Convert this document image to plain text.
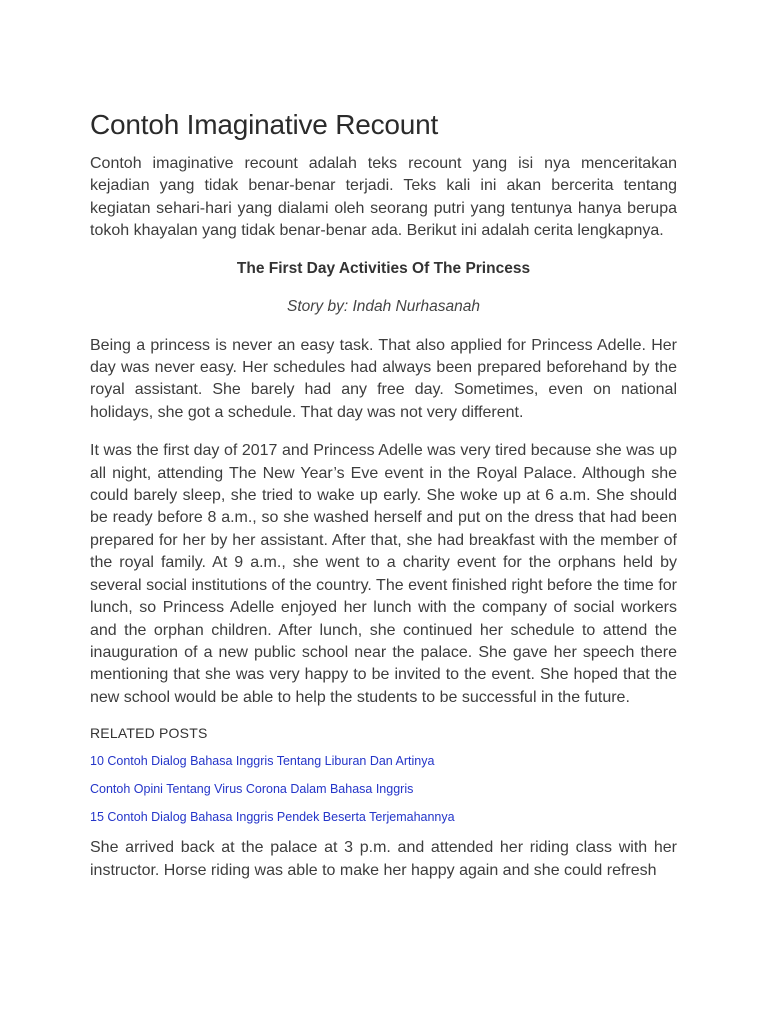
Contoh Imaginative Recount

Contoh imaginative recount adalah teks recount yang isi nya menceritakan kejadian yang tidak benar-benar terjadi. Teks kali ini akan bercerita tentang kegiatan sehari-hari yang dialami oleh seorang putri yang tentunya hanya berupa tokoh khayalan yang tidak benar-benar ada. Berikut ini adalah cerita lengkapnya.

The First Day Activities Of The Princess
Story by: Indah Nurhasanah

Being a princess is never an easy task. That also applied for Princess Adelle. Her day was never easy. Her schedules had always been prepared beforehand by the royal assistant. She barely had any free day. Sometimes, even on national holidays, she got a schedule. That day was not very different.

It was the first day of 2017 and Princess Adelle was very tired because she was up all night, attending The New Year’s Eve event in the Royal Palace. Although she could barely sleep, she tried to wake up early. She woke up at 6 a.m. She should be ready before 8 a.m., so she washed herself and put on the dress that had been prepared for her by her assistant. After that, she had breakfast with the member of the royal family. At 9 a.m., she went to a charity event for the orphans held by several social institutions of the country. The event finished right before the time for lunch, so Princess Adelle enjoyed her lunch with the company of social workers and the orphan children. After lunch, she continued her schedule to attend the inauguration of a new public school near the palace. She gave her speech there mentioning that she was very happy to be invited to the event. She hoped that the new school would be able to help the students to be successful in the future.

RELATED POSTS
10 Contoh Dialog Bahasa Inggris Tentang Liburan Dan Artinya
Contoh Opini Tentang Virus Corona Dalam Bahasa Inggris
15 Contoh Dialog Bahasa Inggris Pendek Beserta Terjemahannya

She arrived back at the palace at 3 p.m. and attended her riding class with her instructor. Horse riding was able to make her happy again and she could refresh
